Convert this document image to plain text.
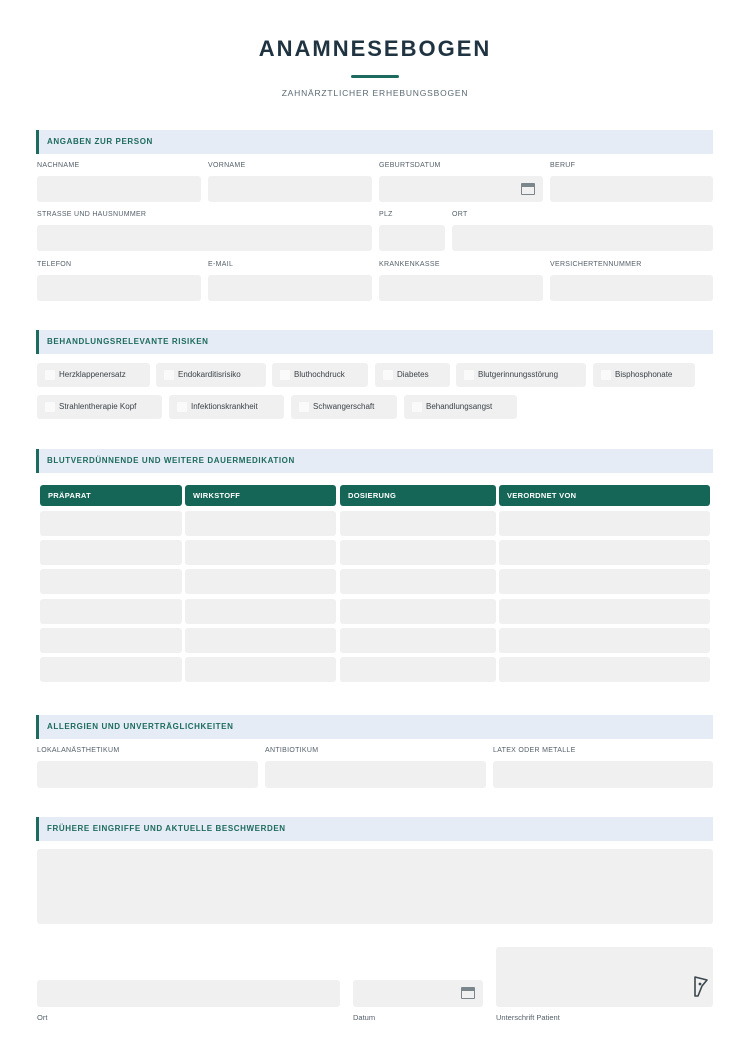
ANAMNESEBOGEN
ZAHNÄRZTLICHER ERHEBUNGSBOGEN
ANGABEN ZUR PERSON
NACHNAME	VORNAME	GEBURTSDATUM	BERUF
STRASSE UND HAUSNUMMER	PLZ	ORT
TELEFON	E-MAIL	KRANKENKASSE	VERSICHERTENNUMMER
BEHANDLUNGSRELEVANTE RISIKEN
Herzklappenersatz	Endokarditisrisiko	Bluthochdruck	Diabetes	Blutgerinnungsstörung	Bisphosphonate
Strahlentherapie Kopf	Infektionskrankheit	Schwangerschaft	Behandlungsangst
BLUTVERDÜNNENDE UND WEITERE DAUERMEDIKATION
PRÄPARAT	WIRKSTOFF	DOSIERUNG	VERORDNET VON
ALLERGIEN UND UNVERTRÄGLICHKEITEN
LOKALANÄSTHETIKUM	ANTIBIOTIKUM	LATEX ODER METALLE
FRÜHERE EINGRIFFE UND AKTUELLE BESCHWERDEN
Ort	Datum	Unterschrift Patient
